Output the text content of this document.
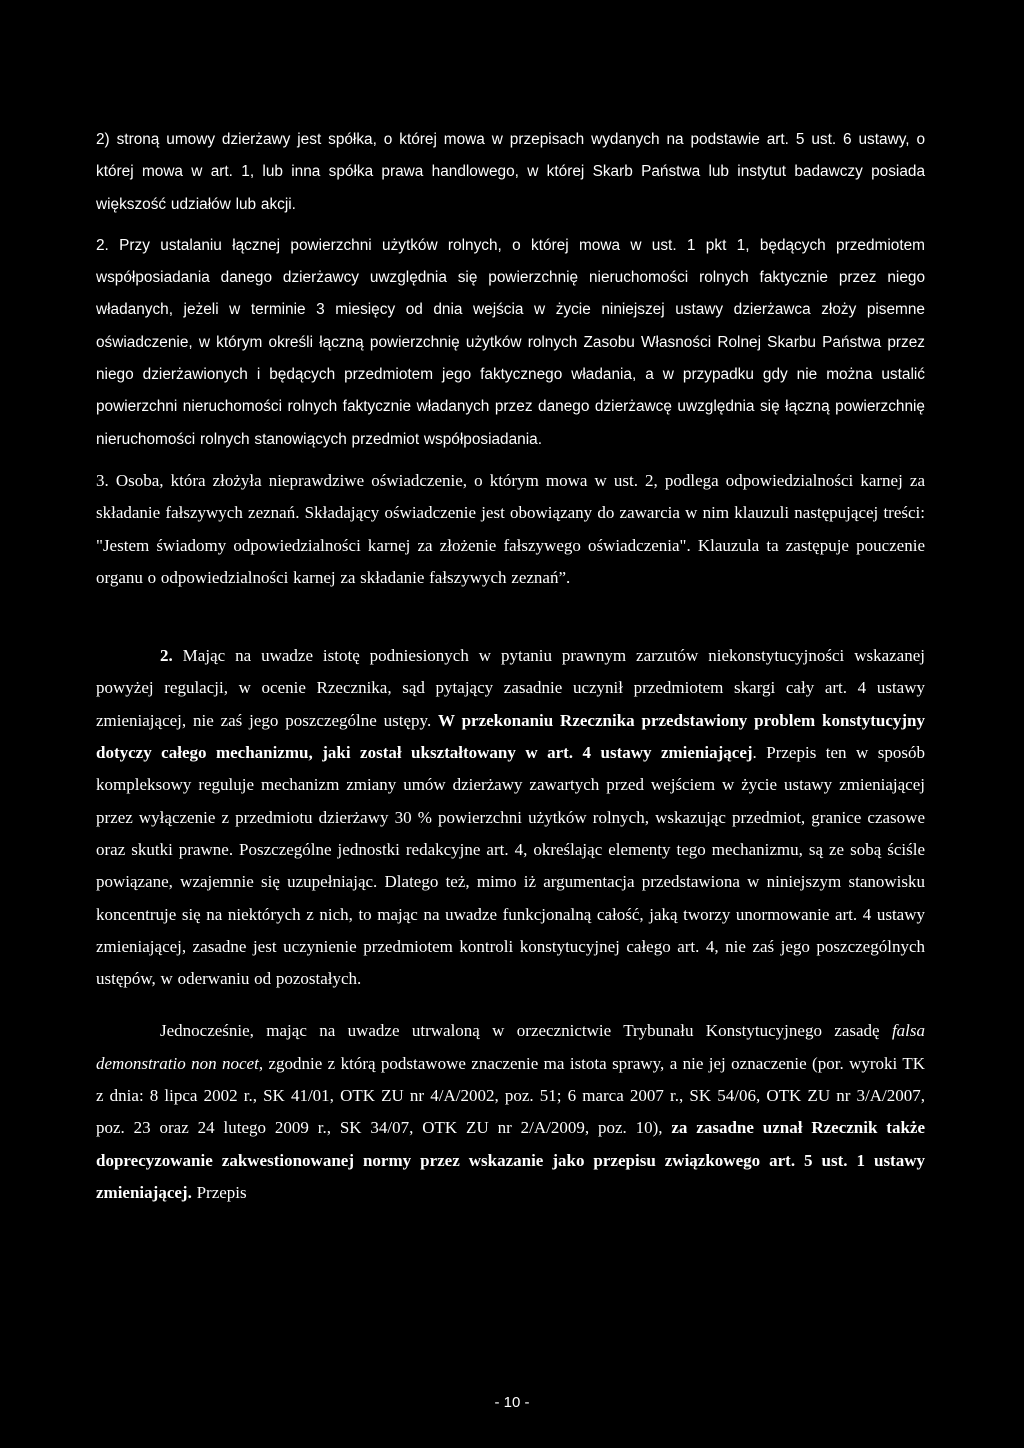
2) stroną umowy dzierżawy jest spółka, o której mowa w przepisach wydanych na podstawie art. 5 ust. 6 ustawy, o której mowa w art. 1, lub inna spółka prawa handlowego, w której Skarb Państwa lub instytut badawczy posiada większość udziałów lub akcji.

2. Przy ustalaniu łącznej powierzchni użytków rolnych, o której mowa w ust. 1 pkt 1, będących przedmiotem współposiadania danego dzierżawcy uwzględnia się powierzchnię nieruchomości rolnych faktycznie przez niego władanych, jeżeli w terminie 3 miesięcy od dnia wejścia w życie niniejszej ustawy dzierżawca złoży pisemne oświadczenie, w którym określi łączną powierzchnię użytków rolnych Zasobu Własności Rolnej Skarbu Państwa przez niego dzierżawionych i będących przedmiotem jego faktycznego władania, a w przypadku gdy nie można ustalić powierzchni nieruchomości rolnych faktycznie władanych przez danego dzierżawcę uwzględnia się łączną powierzchnię nieruchomości rolnych stanowiących przedmiot współposiadania.

3. Osoba, która złożyła nieprawdziwe oświadczenie, o którym mowa w ust. 2, podlega odpowiedzialności karnej za składanie fałszywych zeznań. Składający oświadczenie jest obowiązany do zawarcia w nim klauzuli następującej treści: "Jestem świadomy odpowiedzialności karnej za złożenie fałszywego oświadczenia". Klauzula ta zastępuje pouczenie organu o odpowiedzialności karnej za składanie fałszywych zeznań”.

2. Mając na uwadze istotę podniesionych w pytaniu prawnym zarzutów niekonstytucyjności wskazanej powyżej regulacji, w ocenie Rzecznika, sąd pytający zasadnie uczynił przedmiotem skargi cały art. 4 ustawy zmieniającej, nie zaś jego poszczególne ustępy. W przekonaniu Rzecznika przedstawiony problem konstytucyjny dotyczy całego mechanizmu, jaki został ukształtowany w art. 4 ustawy zmieniającej. Przepis ten w sposób kompleksowy reguluje mechanizm zmiany umów dzierżawy zawartych przed wejściem w życie ustawy zmieniającej przez wyłączenie z przedmiotu dzierżawy 30 % powierzchni użytków rolnych, wskazując przedmiot, granice czasowe oraz skutki prawne. Poszczególne jednostki redakcyjne art. 4, określając elementy tego mechanizmu, są ze sobą ściśle powiązane, wzajemnie się uzupełniając. Dlatego też, mimo iż argumentacja przedstawiona w niniejszym stanowisku koncentruje się na niektórych z nich, to mając na uwadze funkcjonalną całość, jaką tworzy unormowanie art. 4 ustawy zmieniającej, zasadne jest uczynienie przedmiotem kontroli konstytucyjnej całego art. 4, nie zaś jego poszczególnych ustępów, w oderwaniu od pozostałych.

Jednocześnie, mając na uwadze utrwaloną w orzecznictwie Trybunału Konstytucyjnego zasadę falsa demonstratio non nocet, zgodnie z którą podstawowe znaczenie ma istota sprawy, a nie jej oznaczenie (por. wyroki TK z dnia: 8 lipca 2002 r., SK 41/01, OTK ZU nr 4/A/2002, poz. 51; 6 marca 2007 r., SK 54/06, OTK ZU nr 3/A/2007, poz. 23 oraz 24 lutego 2009 r., SK 34/07, OTK ZU nr 2/A/2009, poz. 10), za zasadne uznał Rzecznik także doprecyzowanie zakwestionowanej normy przez wskazanie jako przepisu związkowego art. 5 ust. 1 ustawy zmieniającej. Przepis

- 10 -
